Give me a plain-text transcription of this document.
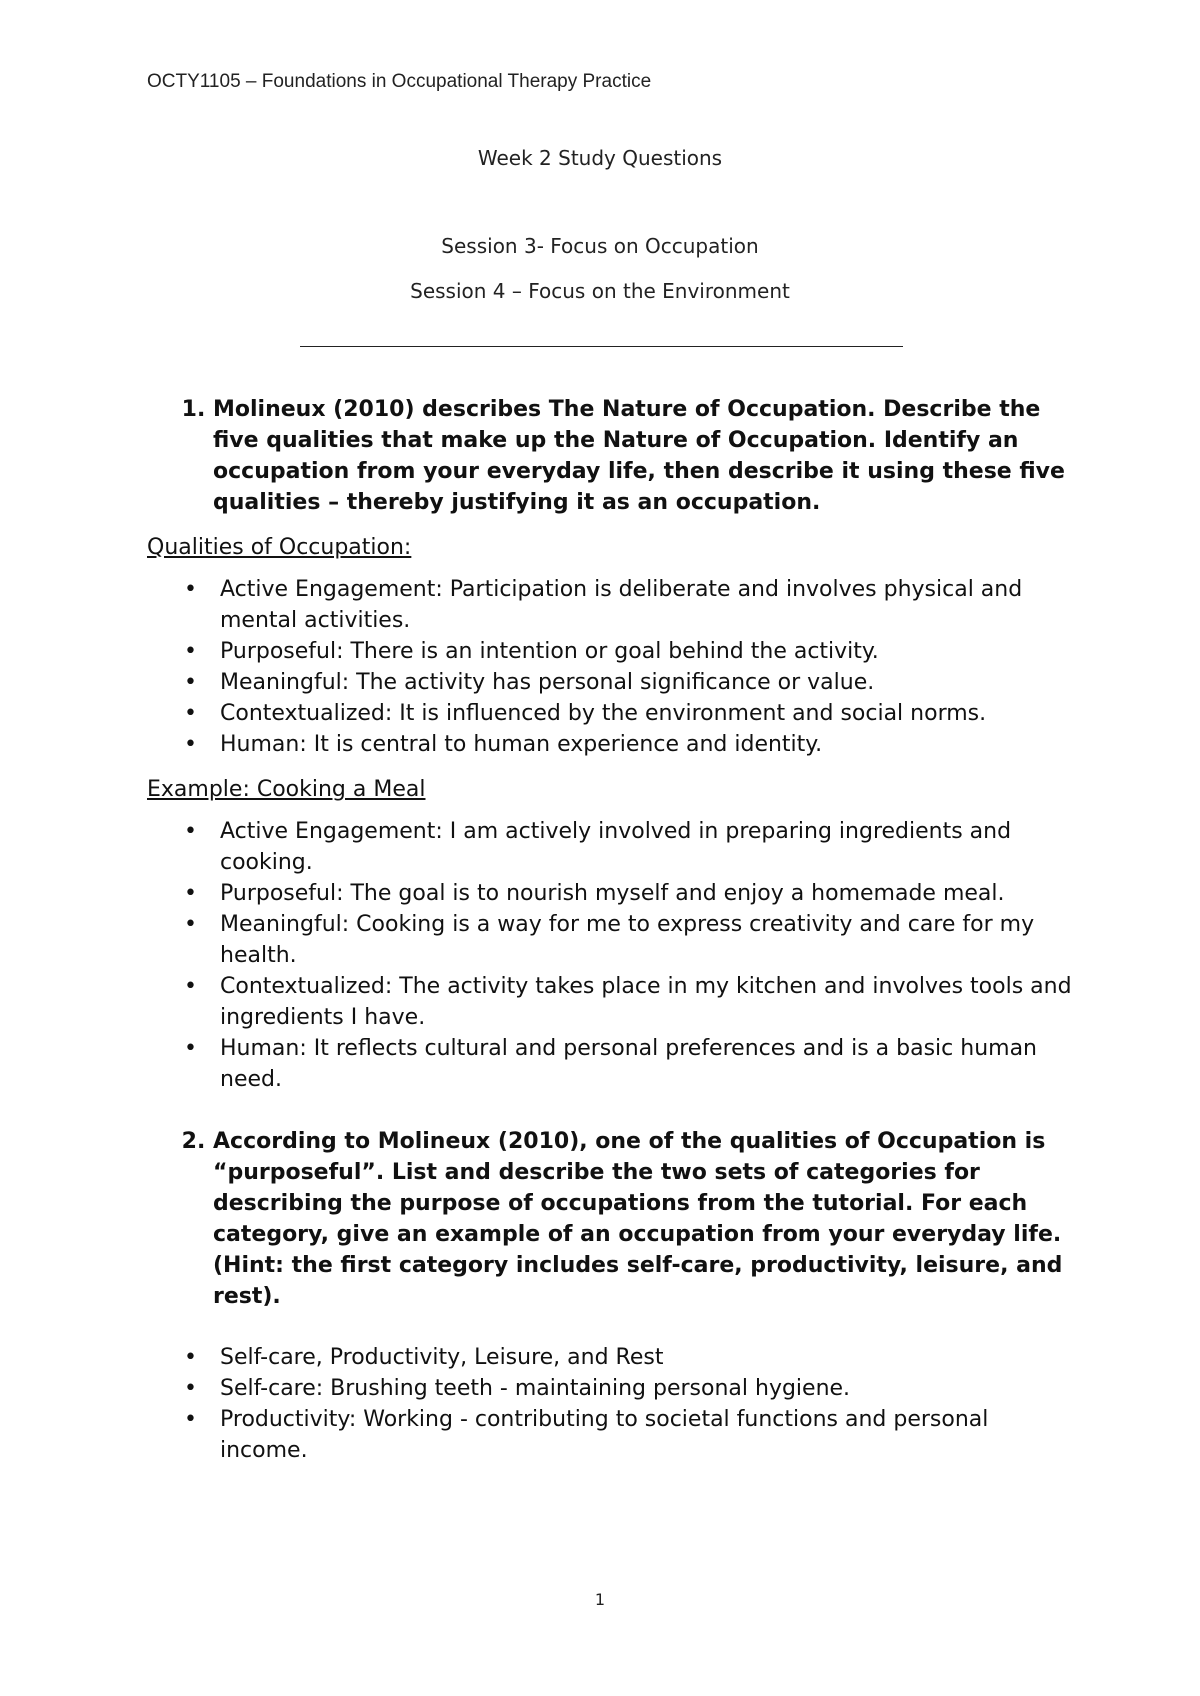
OCTY1105 – Foundations in Occupational Therapy Practice
Week 2 Study Questions
Session 3- Focus on Occupation
Session 4 – Focus on the Environment
1. Molineux (2010) describes The Nature of Occupation. Describe the five qualities that make up the Nature of Occupation. Identify an occupation from your everyday life, then describe it using these five qualities – thereby justifying it as an occupation.
Qualities of Occupation:
• Active Engagement: Participation is deliberate and involves physical and mental activities.
• Purposeful: There is an intention or goal behind the activity.
• Meaningful: The activity has personal significance or value.
• Contextualized: It is influenced by the environment and social norms.
• Human: It is central to human experience and identity.
Example: Cooking a Meal
• Active Engagement: I am actively involved in preparing ingredients and cooking.
• Purposeful: The goal is to nourish myself and enjoy a homemade meal.
• Meaningful: Cooking is a way for me to express creativity and care for my health.
• Contextualized: The activity takes place in my kitchen and involves tools and ingredients I have.
• Human: It reflects cultural and personal preferences and is a basic human need.
2. According to Molineux (2010), one of the qualities of Occupation is “purposeful”. List and describe the two sets of categories for describing the purpose of occupations from the tutorial. For each category, give an example of an occupation from your everyday life. (Hint: the first category includes self-care, productivity, leisure, and rest).
• Self-care, Productivity, Leisure, and Rest
• Self-care: Brushing teeth - maintaining personal hygiene.
• Productivity: Working - contributing to societal functions and personal income.
1
